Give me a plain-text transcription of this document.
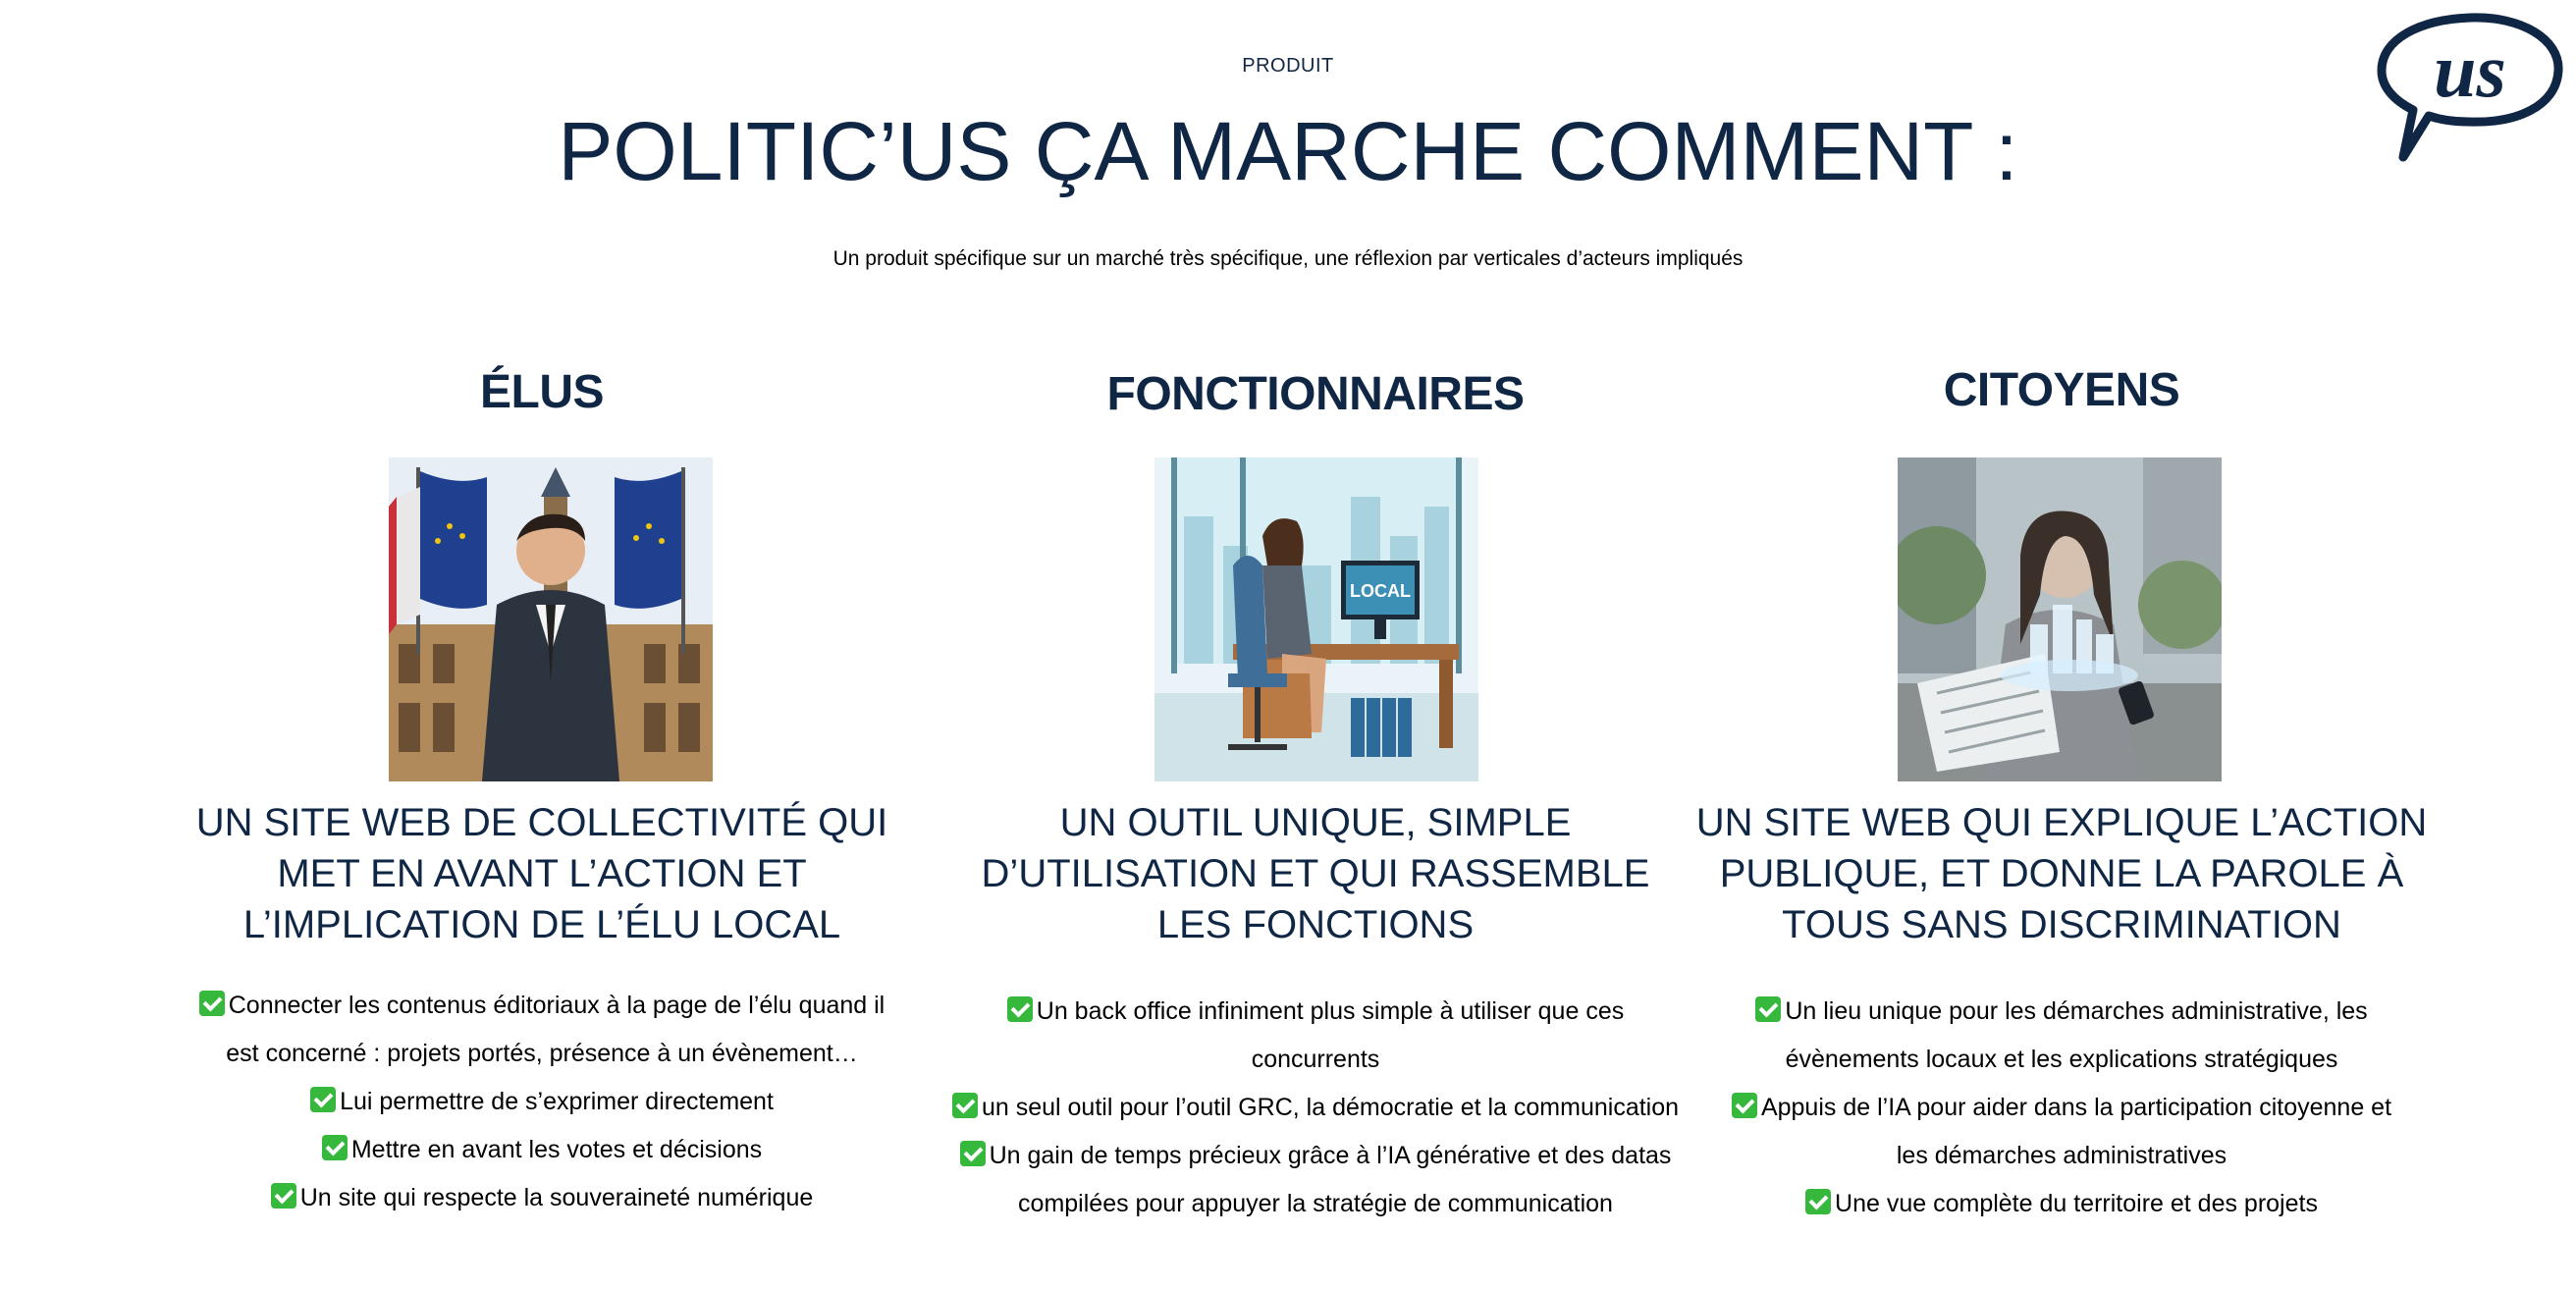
PRODUIT
POLITIC’US ÇA MARCHE COMMENT :
Un produit spécifique sur un marché très spécifique, une réflexion par verticales d’acteurs impliqués
us
ÉLUS
UN SITE WEB DE COLLECTIVITÉ QUI
MET EN AVANT L’ACTION ET
L’IMPLICATION DE L’ÉLU LOCAL
Connecter les contenus éditoriaux à la page de l’élu quand il
est concerné : projets portés, présence à un évènement…
Lui permettre de s’exprimer directement
Mettre en avant les votes et décisions
Un site qui respecte la souveraineté numérique
FONCTIONNAIRES
LOCAL
UN OUTIL UNIQUE, SIMPLE
D’UTILISATION ET QUI RASSEMBLE
LES FONCTIONS
Un back office infiniment plus simple à utiliser que ces
concurrents
un seul outil pour l’outil GRC, la démocratie et la communication
Un gain de temps précieux grâce à l’IA générative et des datas
compilées pour appuyer la stratégie de communication
CITOYENS
UN SITE WEB QUI EXPLIQUE L’ACTION
PUBLIQUE, ET DONNE LA PAROLE À
TOUS SANS DISCRIMINATION
Un lieu unique pour les démarches administrative, les
évènements locaux et les explications stratégiques
Appuis de l’IA pour aider dans la participation citoyenne et
les démarches administratives
Une vue complète du territoire et des projets
